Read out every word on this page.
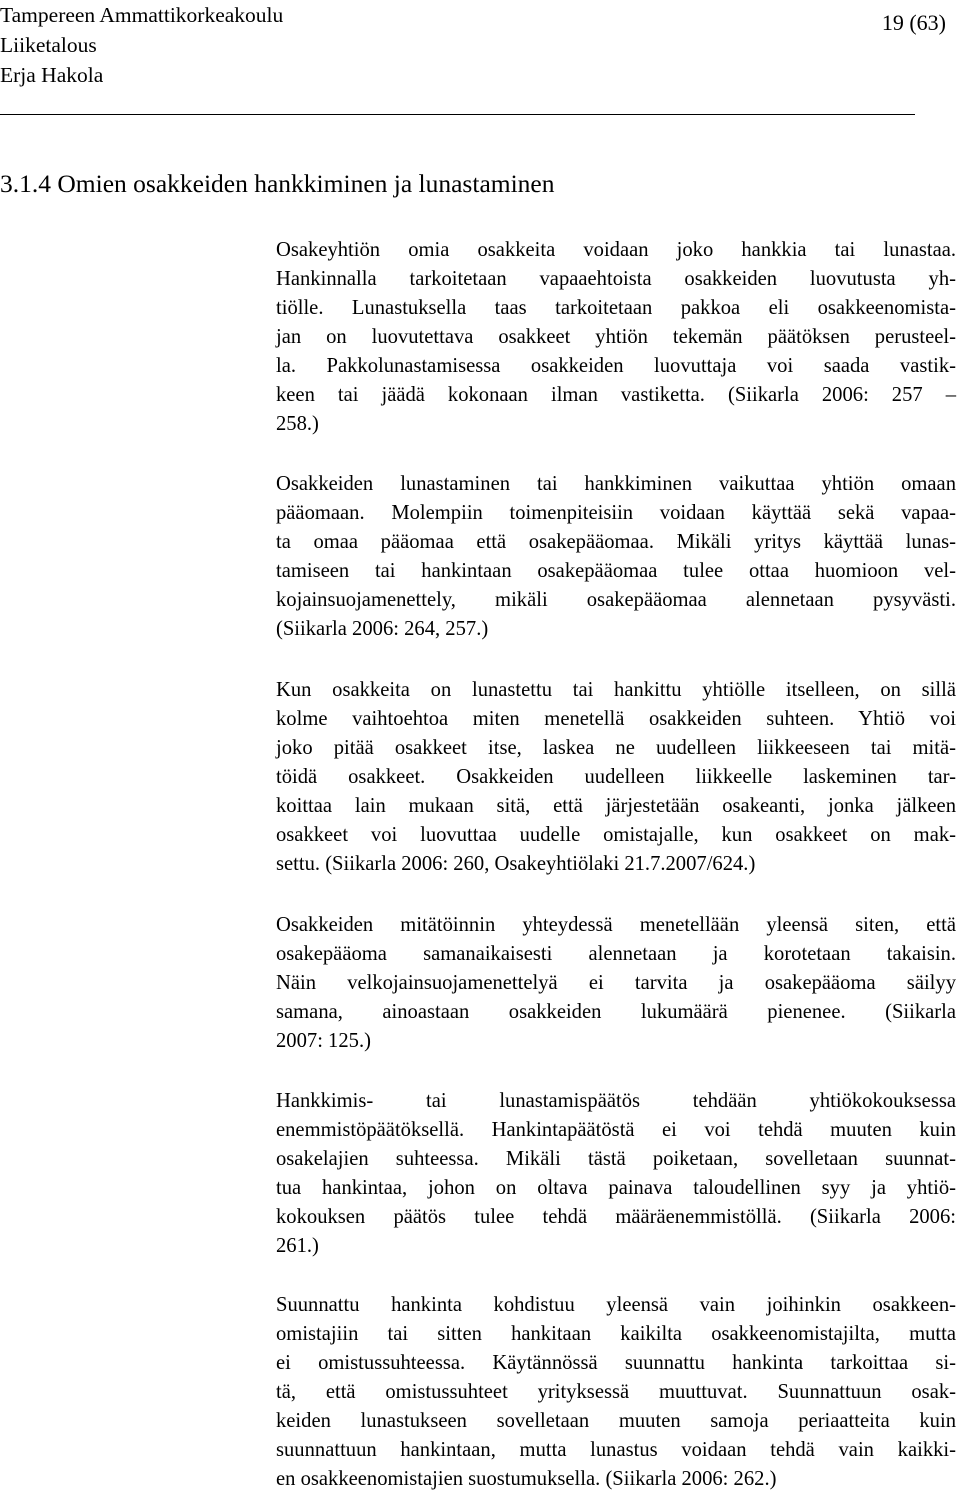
Tampereen Ammattikorkeakoulu
Liiketalous
Erja Hakola
19 (63)
3.1.4 Omien osakkeiden hankkiminen ja lunastaminen
Osakeyhtiön omia osakkeita voidaan joko hankkia tai lunastaa.
Hankinnalla tarkoitetaan vapaaehtoista osakkeiden luovutusta yh-
tiölle. Lunastuksella taas tarkoitetaan pakkoa eli osakkeenomista-
jan on luovutettava osakkeet yhtiön tekemän päätöksen perusteel-
la. Pakkolunastamisessa osakkeiden luovuttaja voi saada vastik-
keen tai jäädä kokonaan ilman vastiketta. (Siikarla 2006: 257 –
258.)
Osakkeiden lunastaminen tai hankkiminen vaikuttaa yhtiön omaan
pääomaan. Molempiin toimenpiteisiin voidaan käyttää sekä vapaa-
ta omaa pääomaa että osakepääomaa. Mikäli yritys käyttää lunas-
tamiseen tai hankintaan osakepääomaa tulee ottaa huomioon vel-
kojainsuojamenettely, mikäli osakepääomaa alennetaan pysyvästi.
(Siikarla 2006: 264, 257.)
Kun osakkeita on lunastettu tai hankittu yhtiölle itselleen, on sillä
kolme vaihtoehtoa miten menetellä osakkeiden suhteen. Yhtiö voi
joko pitää osakkeet itse, laskea ne uudelleen liikkeeseen tai mitä-
töidä osakkeet. Osakkeiden uudelleen liikkeelle laskeminen tar-
koittaa lain mukaan sitä, että järjestetään osakeanti, jonka jälkeen
osakkeet voi luovuttaa uudelle omistajalle, kun osakkeet on mak-
settu. (Siikarla 2006: 260, Osakeyhtiölaki 21.7.2007/624.)
Osakkeiden mitätöinnin yhteydessä menetellään yleensä siten, että
osakepääoma samanaikaisesti alennetaan ja korotetaan takaisin.
Näin velkojainsuojamenettelyä ei tarvita ja osakepääoma säilyy
samana, ainoastaan osakkeiden lukumäärä pienenee. (Siikarla
2007: 125.)
Hankkimis- tai lunastamispäätös tehdään yhtiökokouksessa
enemmistöpäätöksellä. Hankintapäätöstä ei voi tehdä muuten kuin
osakelajien suhteessa. Mikäli tästä poiketaan, sovelletaan suunnat-
tua hankintaa, johon on oltava painava taloudellinen syy ja yhtiö-
kokouksen päätös tulee tehdä määräenemmistöllä. (Siikarla 2006:
261.)
Suunnattu hankinta kohdistuu yleensä vain joihinkin osakkeen-
omistajiin tai sitten hankitaan kaikilta osakkeenomistajilta, mutta
ei omistussuhteessa. Käytännössä suunnattu hankinta tarkoittaa si-
tä, että omistussuhteet yrityksessä muuttuvat. Suunnattuun osak-
keiden lunastukseen sovelletaan muuten samoja periaatteita kuin
suunnattuun hankintaan, mutta lunastus voidaan tehdä vain kaikki-
en osakkeenomistajien suostumuksella. (Siikarla 2006: 262.)
